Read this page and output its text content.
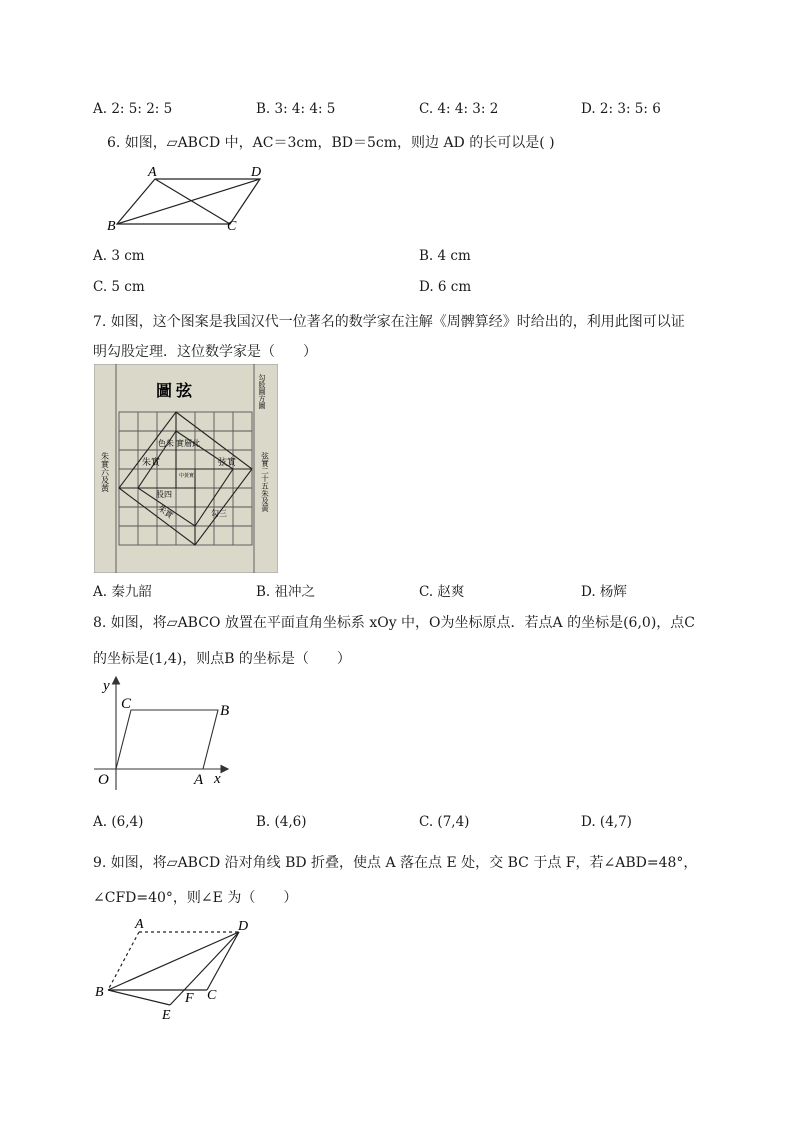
A. 2: 5: 2: 5	B. 3: 4: 4: 5	C. 4: 4: 3: 2	D. 2: 3: 5: 6
6. 如图，▱ABCD 中，AC＝3cm，BD＝5cm，则边 AD 的长可以是( )
A	D
B	C
A. 3 cm	B. 4 cm
C. 5 cm	D. 6 cm
7. 如图，这个图案是我国汉代一位著名的数学家在注解《周髀算经》时给出的，利用此图可以证
明勾股定理．这位数学家是（　　）
圖 弦	勾股圓方圖
朱實六及黃	弦實二十五朱及黃
色朱 實層此
朱實	弦實
中黃實
股四
勾三
朱實
A. 秦九韶	B. 祖冲之	C. 赵爽	D. 杨辉
8. 如图，将▱ABCO 放置在平面直角坐标系 xOy 中，O为坐标原点．若点A 的坐标是(6,0)，点C
的坐标是(1,4)，则点B 的坐标是（　　）
y
x
O	A
B
C
A. (6,4)	B. (4,6)	C. (7,4)	D. (4,7)
9. 如图，将▱ABCD 沿对角线 BD 折叠，使点 A 落在点 E 处，交 BC 于点 F，若∠ABD=48°，
∠CFD=40°，则∠E 为（　　）
A	D
B	C
F
E
